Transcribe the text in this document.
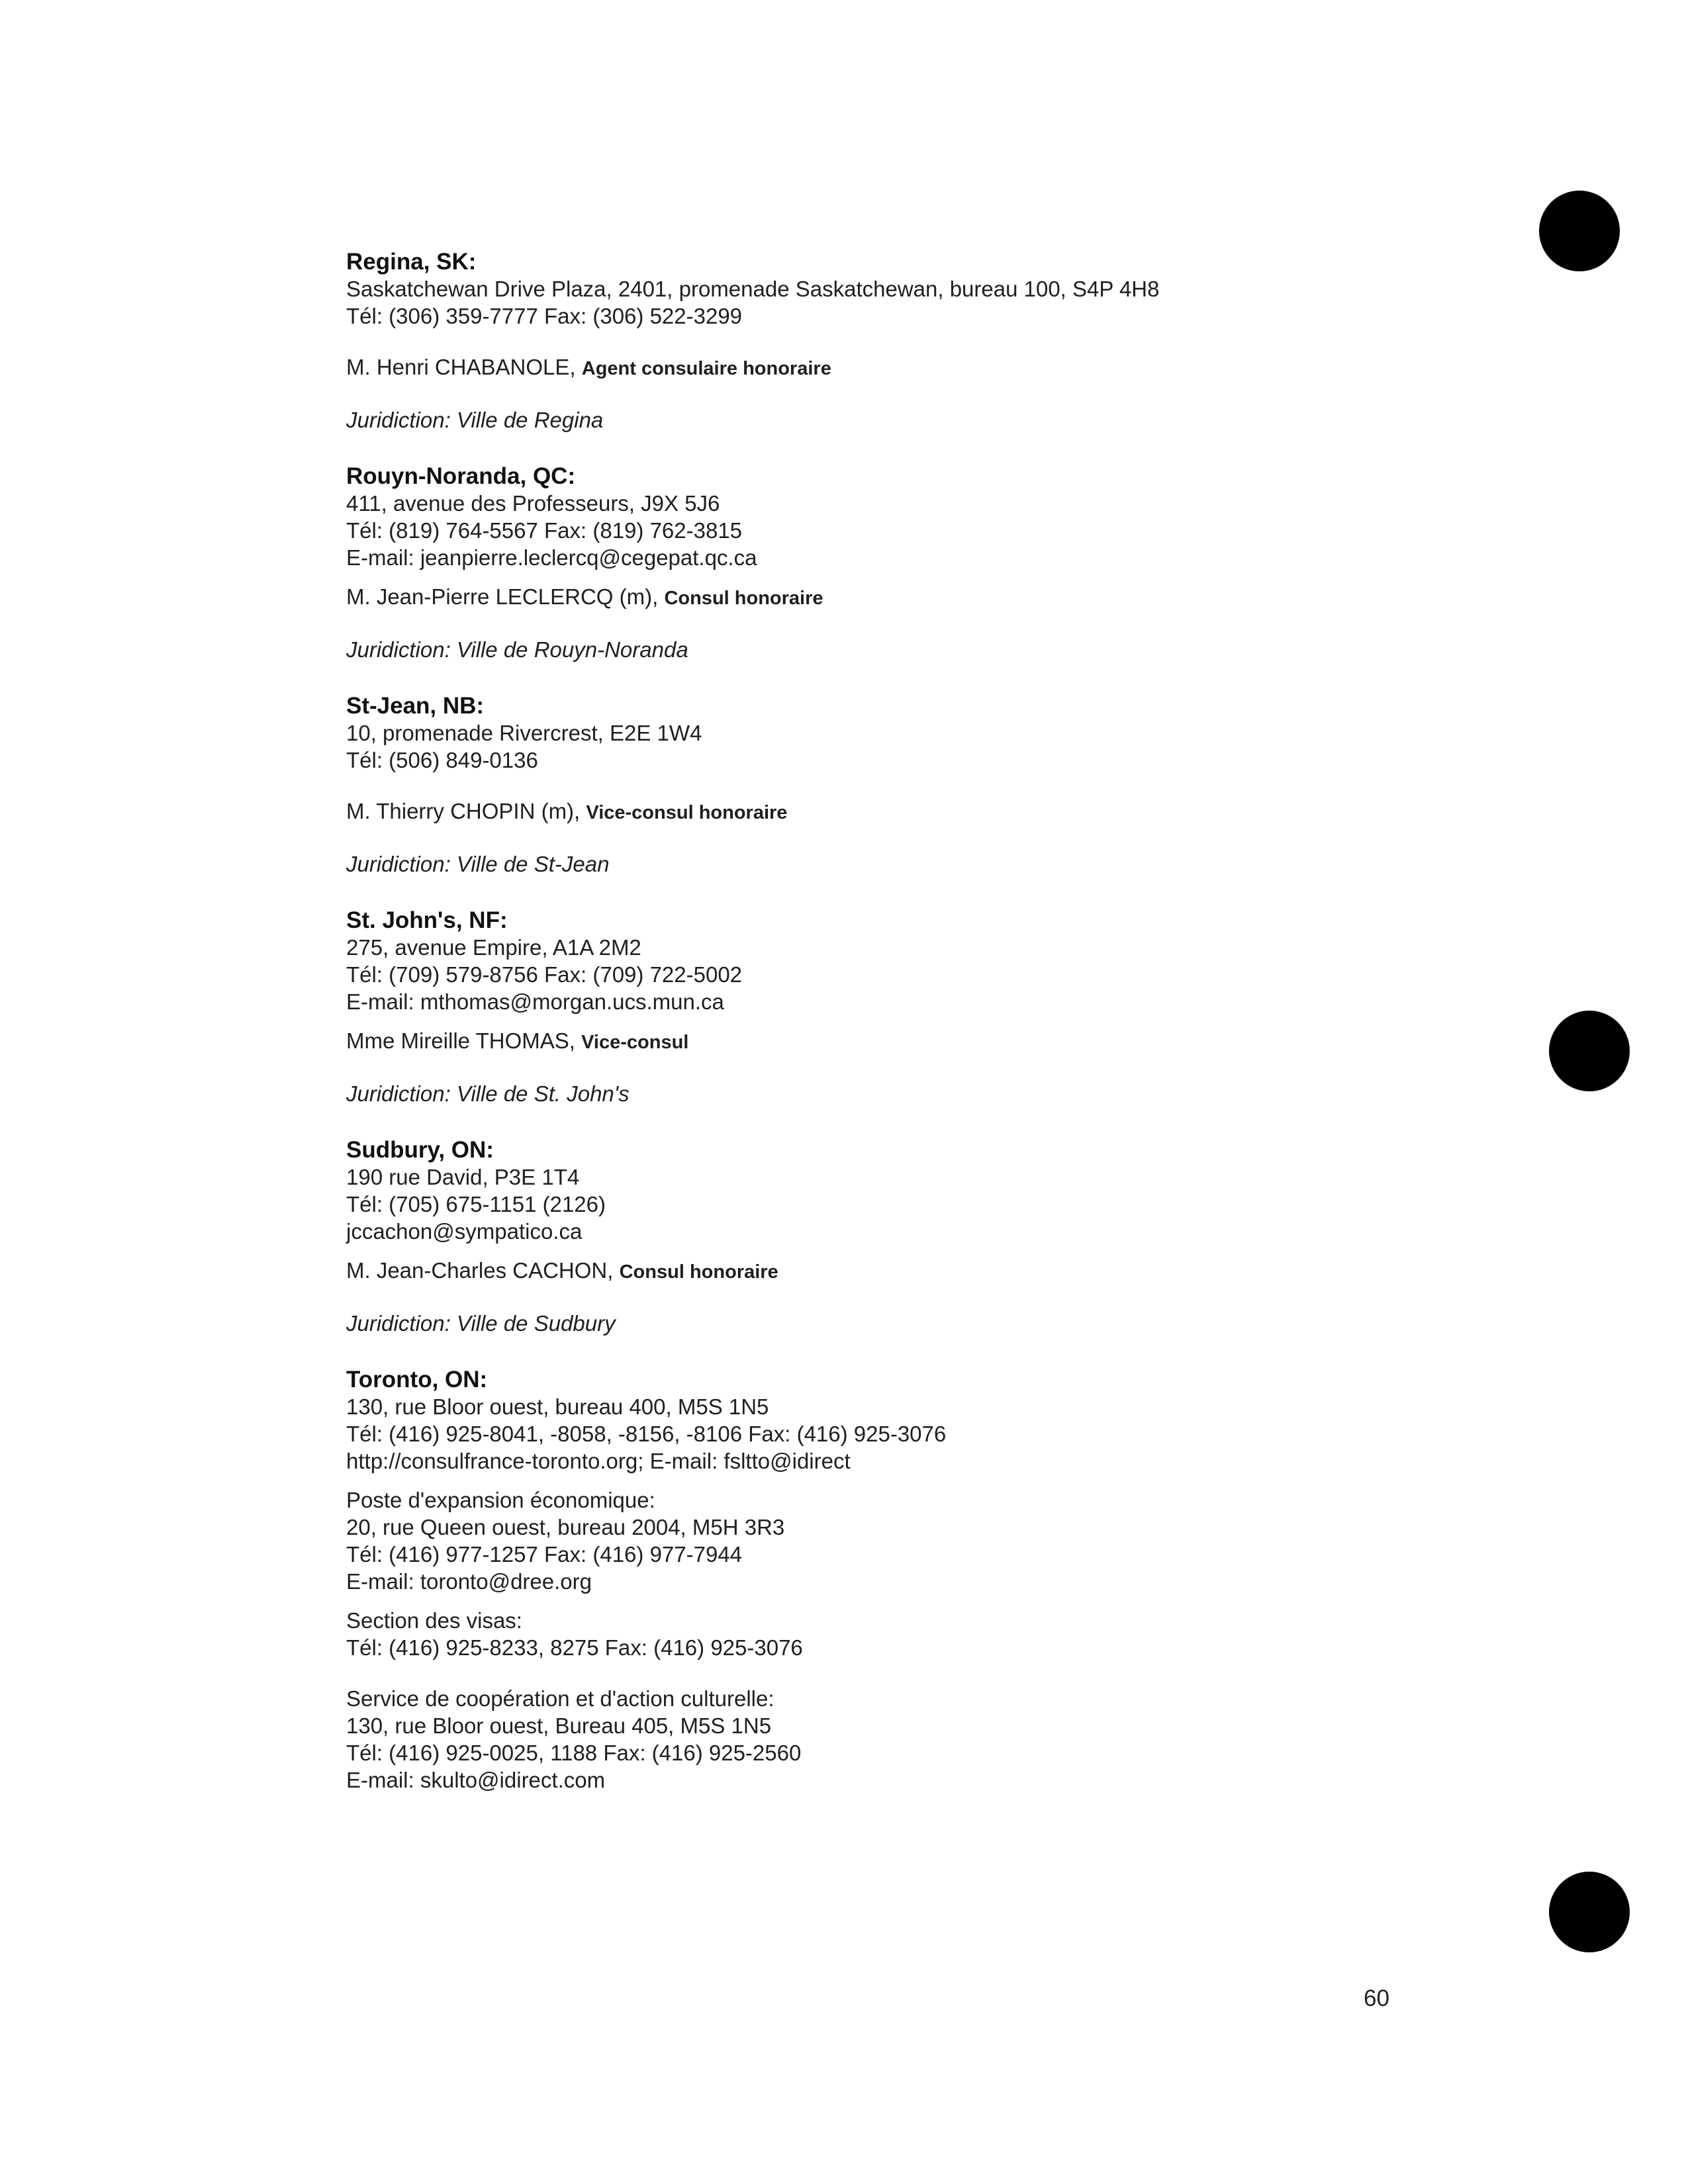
Regina, SK:
Saskatchewan Drive Plaza, 2401, promenade Saskatchewan, bureau 100, S4P 4H8
Tél: (306) 359-7777 Fax: (306) 522-3299
M. Henri CHABANOLE, Agent consulaire honoraire
Juridiction: Ville de Regina
Rouyn-Noranda, QC:
411, avenue des Professeurs, J9X 5J6
Tél: (819) 764-5567 Fax: (819) 762-3815
E-mail: jeanpierre.leclercq@cegepat.qc.ca
M. Jean-Pierre LECLERCQ (m), Consul honoraire
Juridiction: Ville de Rouyn-Noranda
St-Jean, NB:
10, promenade Rivercrest, E2E 1W4
Tél: (506) 849-0136
M. Thierry CHOPIN (m), Vice-consul honoraire
Juridiction: Ville de St-Jean
St. John's, NF:
275, avenue Empire, A1A 2M2
Tél: (709) 579-8756 Fax: (709) 722-5002
E-mail: mthomas@morgan.ucs.mun.ca
Mme Mireille THOMAS, Vice-consul
Juridiction: Ville de St. John's
Sudbury, ON:
190 rue David, P3E 1T4
Tél: (705) 675-1151 (2126)
jccachon@sympatico.ca
M. Jean-Charles CACHON, Consul honoraire
Juridiction: Ville de Sudbury
Toronto, ON:
130, rue Bloor ouest, bureau 400, M5S 1N5
Tél: (416) 925-8041, -8058, -8156, -8106 Fax: (416) 925-3076
http://consulfrance-toronto.org; E-mail: fsltto@idirect
Poste d'expansion économique:
20, rue Queen ouest, bureau 2004, M5H 3R3
Tél: (416) 977-1257 Fax: (416) 977-7944
E-mail: toronto@dree.org
Section des visas:
Tél: (416) 925-8233, 8275 Fax: (416) 925-3076
Service de coopération et d'action culturelle:
130, rue Bloor ouest, Bureau 405, M5S 1N5
Tél: (416) 925-0025, 1188 Fax: (416) 925-2560
E-mail: skulto@idirect.com
60
